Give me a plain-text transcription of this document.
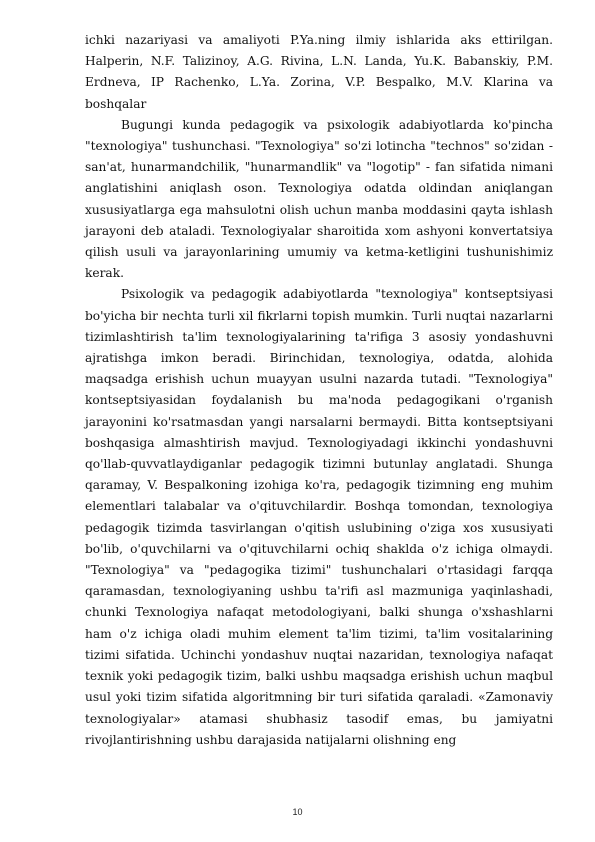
ichki nazariyasi va amaliyoti P.Ya.ning ilmiy ishlarida aks ettirilgan. Halperin, N.F. Talizinoy, A.G. Rivina, L.N. Landa, Yu.K. Babanskiy, P.M. Erdneva, IP Rachenko, L.Ya. Zorina, V.P. Bespalko, M.V. Klarina va boshqalar

Bugungi kunda pedagogik va psixologik adabiyotlarda ko'pincha "texnologiya" tushunchasi. "Texnologiya" so'zi lotincha "technos" so'zidan - san'at, hunarmandchilik, "hunarmandlik" va "logotip" - fan sifatida nimani anglatishini aniqlash oson. Texnologiya odatda oldindan aniqlangan xususiyatlarga ega mahsulotni olish uchun manba moddasini qayta ishlash jarayoni deb ataladi. Texnologiyalar sharoitida xom ashyoni konvertatsiya qilish usuli va jarayonlarining umumiy va ketma-ketligini tushunishimiz kerak.

Psixologik va pedagogik adabiyotlarda "texnologiya" kontseptsiyasi bo'yicha bir nechta turli xil fikrlarni topish mumkin. Turli nuqtai nazarlarni tizimlashtirish ta'lim texnologiyalarining ta'rifiga 3 asosiy yondashuvni ajratishga imkon beradi. Birinchidan, texnologiya, odatda, alohida maqsadga erishish uchun muayyan usulni nazarda tutadi. "Texnologiya" kontseptsiyasidan foydalanish bu ma'noda pedagogikani o'rganish jarayonini ko'rsatmasdan yangi narsalarni bermaydi. Bitta kontseptsiyani boshqasiga almashtirish mavjud. Texnologiyadagi ikkinchi yondashuvni qo'llab-quvvatlaydiganlar pedagogik tizimni butunlay anglatadi. Shunga qaramay, V. Bespalkoning izohiga ko'ra, pedagogik tizimning eng muhim elementlari talabalar va o'qituvchilardir. Boshqa tomondan, texnologiya pedagogik tizimda tasvirlangan o'qitish uslubining o'ziga xos xususiyati bo'lib, o'quvchilarni va o'qituvchilarni ochiq shaklda o'z ichiga olmaydi. "Texnologiya" va "pedagogika tizimi" tushunchalari o'rtasidagi farqqa qaramasdan, texnologiyaning ushbu ta'rifi asl mazmuniga yaqinlashadi, chunki Texnologiya nafaqat metodologiyani, balki shunga o'xshashlarni ham o'z ichiga oladi muhim element ta'lim tizimi, ta'lim vositalarining tizimi sifatida. Uchinchi yondashuv nuqtai nazaridan, texnologiya nafaqat texnik yoki pedagogik tizim, balki ushbu maqsadga erishish uchun maqbul usul yoki tizim sifatida algoritmning bir turi sifatida qaraladi. «Zamonaviy texnologiyalar» atamasi shubhasiz tasodif emas, bu jamiyatni rivojlantirishning ushbu darajasida natijalarni olishning eng

10
